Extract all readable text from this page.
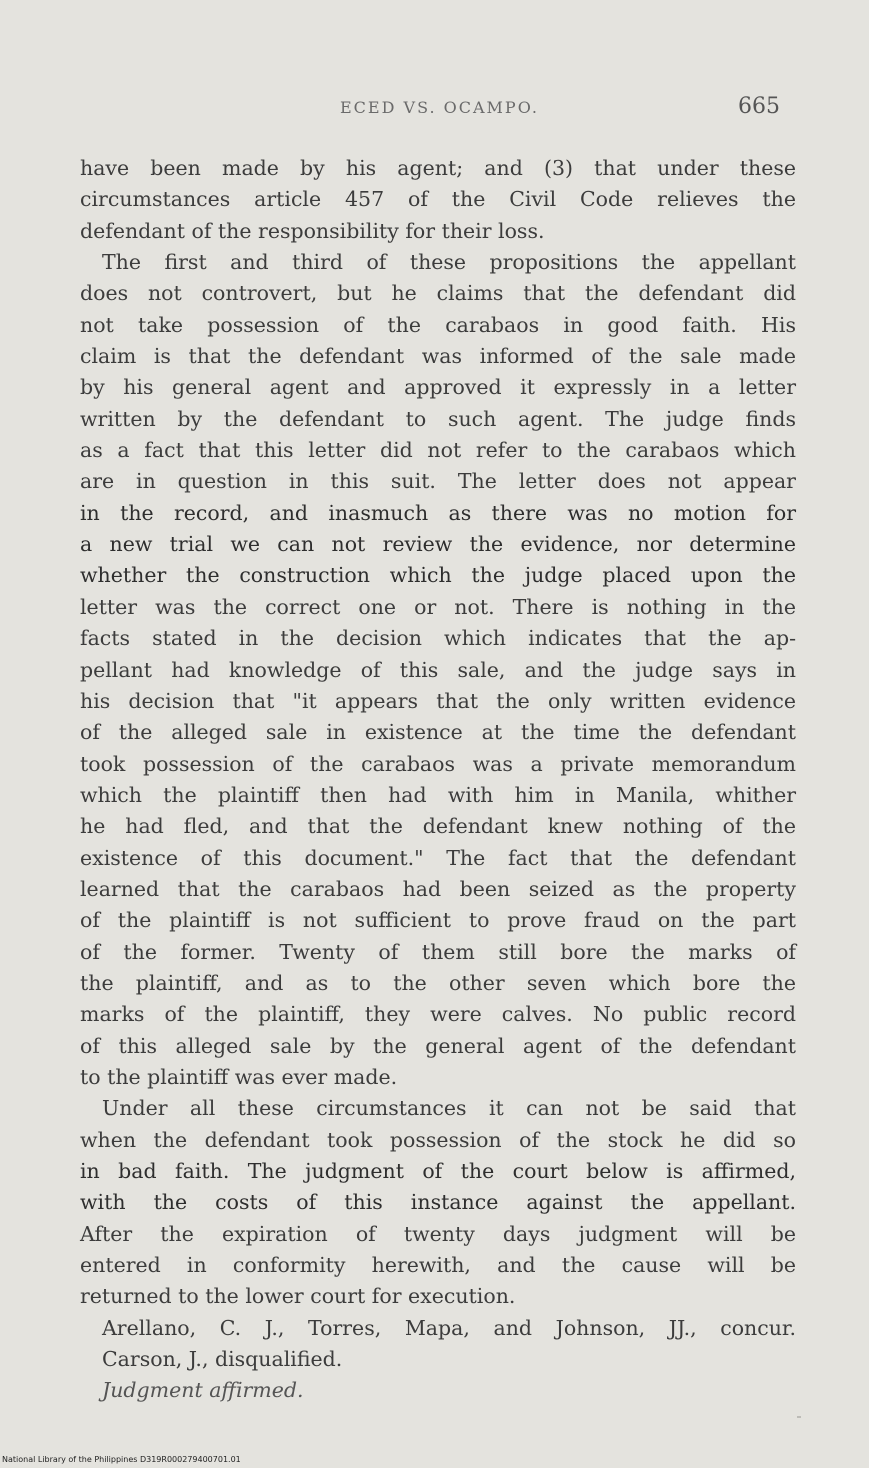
ECED VS. OCAMPO.	665
have been made by his agent; and (3) that under these
circumstances article 457 of the Civil Code relieves the
defendant of the responsibility for their loss.
The first and third of these propositions the appellant
does not controvert, but he claims that the defendant did
not take possession of the carabaos in good faith. His
claim is that the defendant was informed of the sale made
by his general agent and approved it expressly in a letter
written by the defendant to such agent. The judge finds
as a fact that this letter did not refer to the carabaos which
are in question in this suit. The letter does not appear
in the record, and inasmuch as there was no motion for
a new trial we can not review the evidence, nor determine
whether the construction which the judge placed upon the
letter was the correct one or not. There is nothing in the
facts stated in the decision which indicates that the ap-
pellant had knowledge of this sale, and the judge says in
his decision that "it appears that the only written evidence
of the alleged sale in existence at the time the defendant
took possession of the carabaos was a private memorandum
which the plaintiff then had with him in Manila, whither
he had fled, and that the defendant knew nothing of the
existence of this document." The fact that the defendant
learned that the carabaos had been seized as the property
of the plaintiff is not sufficient to prove fraud on the part
of the former. Twenty of them still bore the marks of
the plaintiff, and as to the other seven which bore the
marks of the plaintiff, they were calves. No public record
of this alleged sale by the general agent of the defendant
to the plaintiff was ever made.
Under all these circumstances it can not be said that
when the defendant took possession of the stock he did so
in bad faith. The judgment of the court below is affirmed,
with the costs of this instance against the appellant.
After the expiration of twenty days judgment will be
entered in conformity herewith, and the cause will be
returned to the lower court for execution.
Arellano, C. J., Torres, Mapa, and Johnson, JJ., concur.
Carson, J., disqualified.
Judgment affirmed.
National Library of the Philippines D319R000279400701.01
